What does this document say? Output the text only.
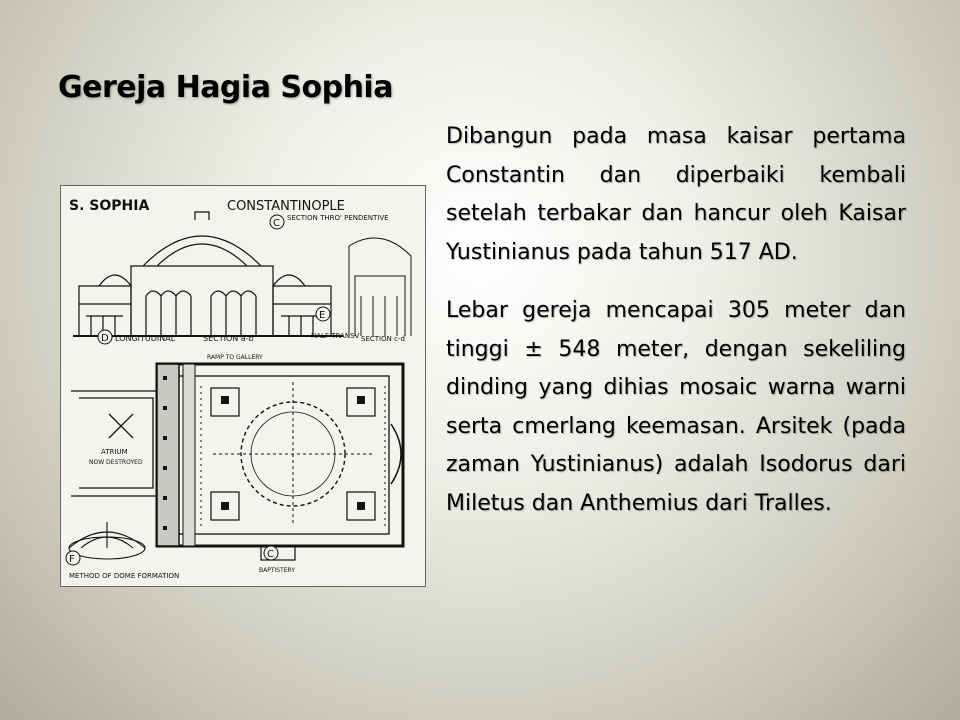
Gereja Hagia Sophia
S. SOPHIA	CONSTANTINOPLE
C SECTION THRO' PENDENTIVE
D LONGITUDINAL	SECTION a-b
E
HALF TRANSV SECTION c-d
ATRIUM
NOW DESTROYED
RAMP TO GALLERY
BAPTISTERY
C
F
METHOD OF DOME FORMATION

Dibangun pada masa kaisar pertama Constantin dan diperbaiki kembali setelah terbakar dan hancur oleh Kaisar Yustinianus pada tahun 517 AD.

Lebar gereja mencapai 305 meter dan tinggi ± 548 meter, dengan sekeliling dinding yang dihias mosaic warna warni serta cmerlang keemasan. Arsitek (pada zaman Yustinianus) adalah Isodorus dari Miletus dan Anthemius dari Tralles.
